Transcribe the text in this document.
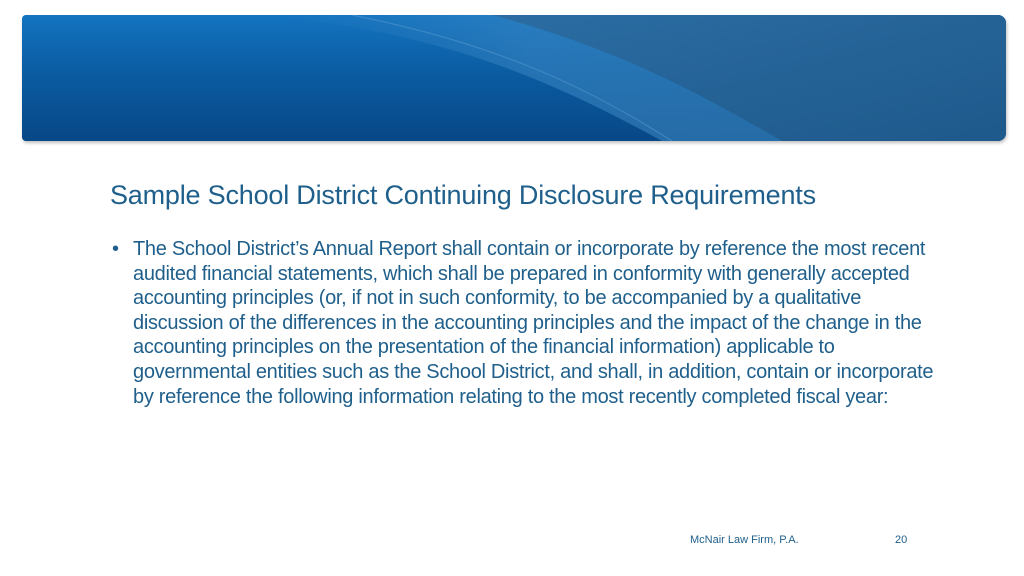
Sample School District Continuing Disclosure Requirements
• The School District’s Annual Report shall contain or incorporate by reference the most recent audited financial statements, which shall be prepared in conformity with generally accepted accounting principles (or, if not in such conformity, to be accompanied by a qualitative discussion of the differences in the accounting principles and the impact of the change in the accounting principles on the presentation of the financial information) applicable to governmental entities such as the School District, and shall, in addition, contain or incorporate by reference the following information relating to the most recently completed fiscal year:
McNair Law Firm, P.A.	20
